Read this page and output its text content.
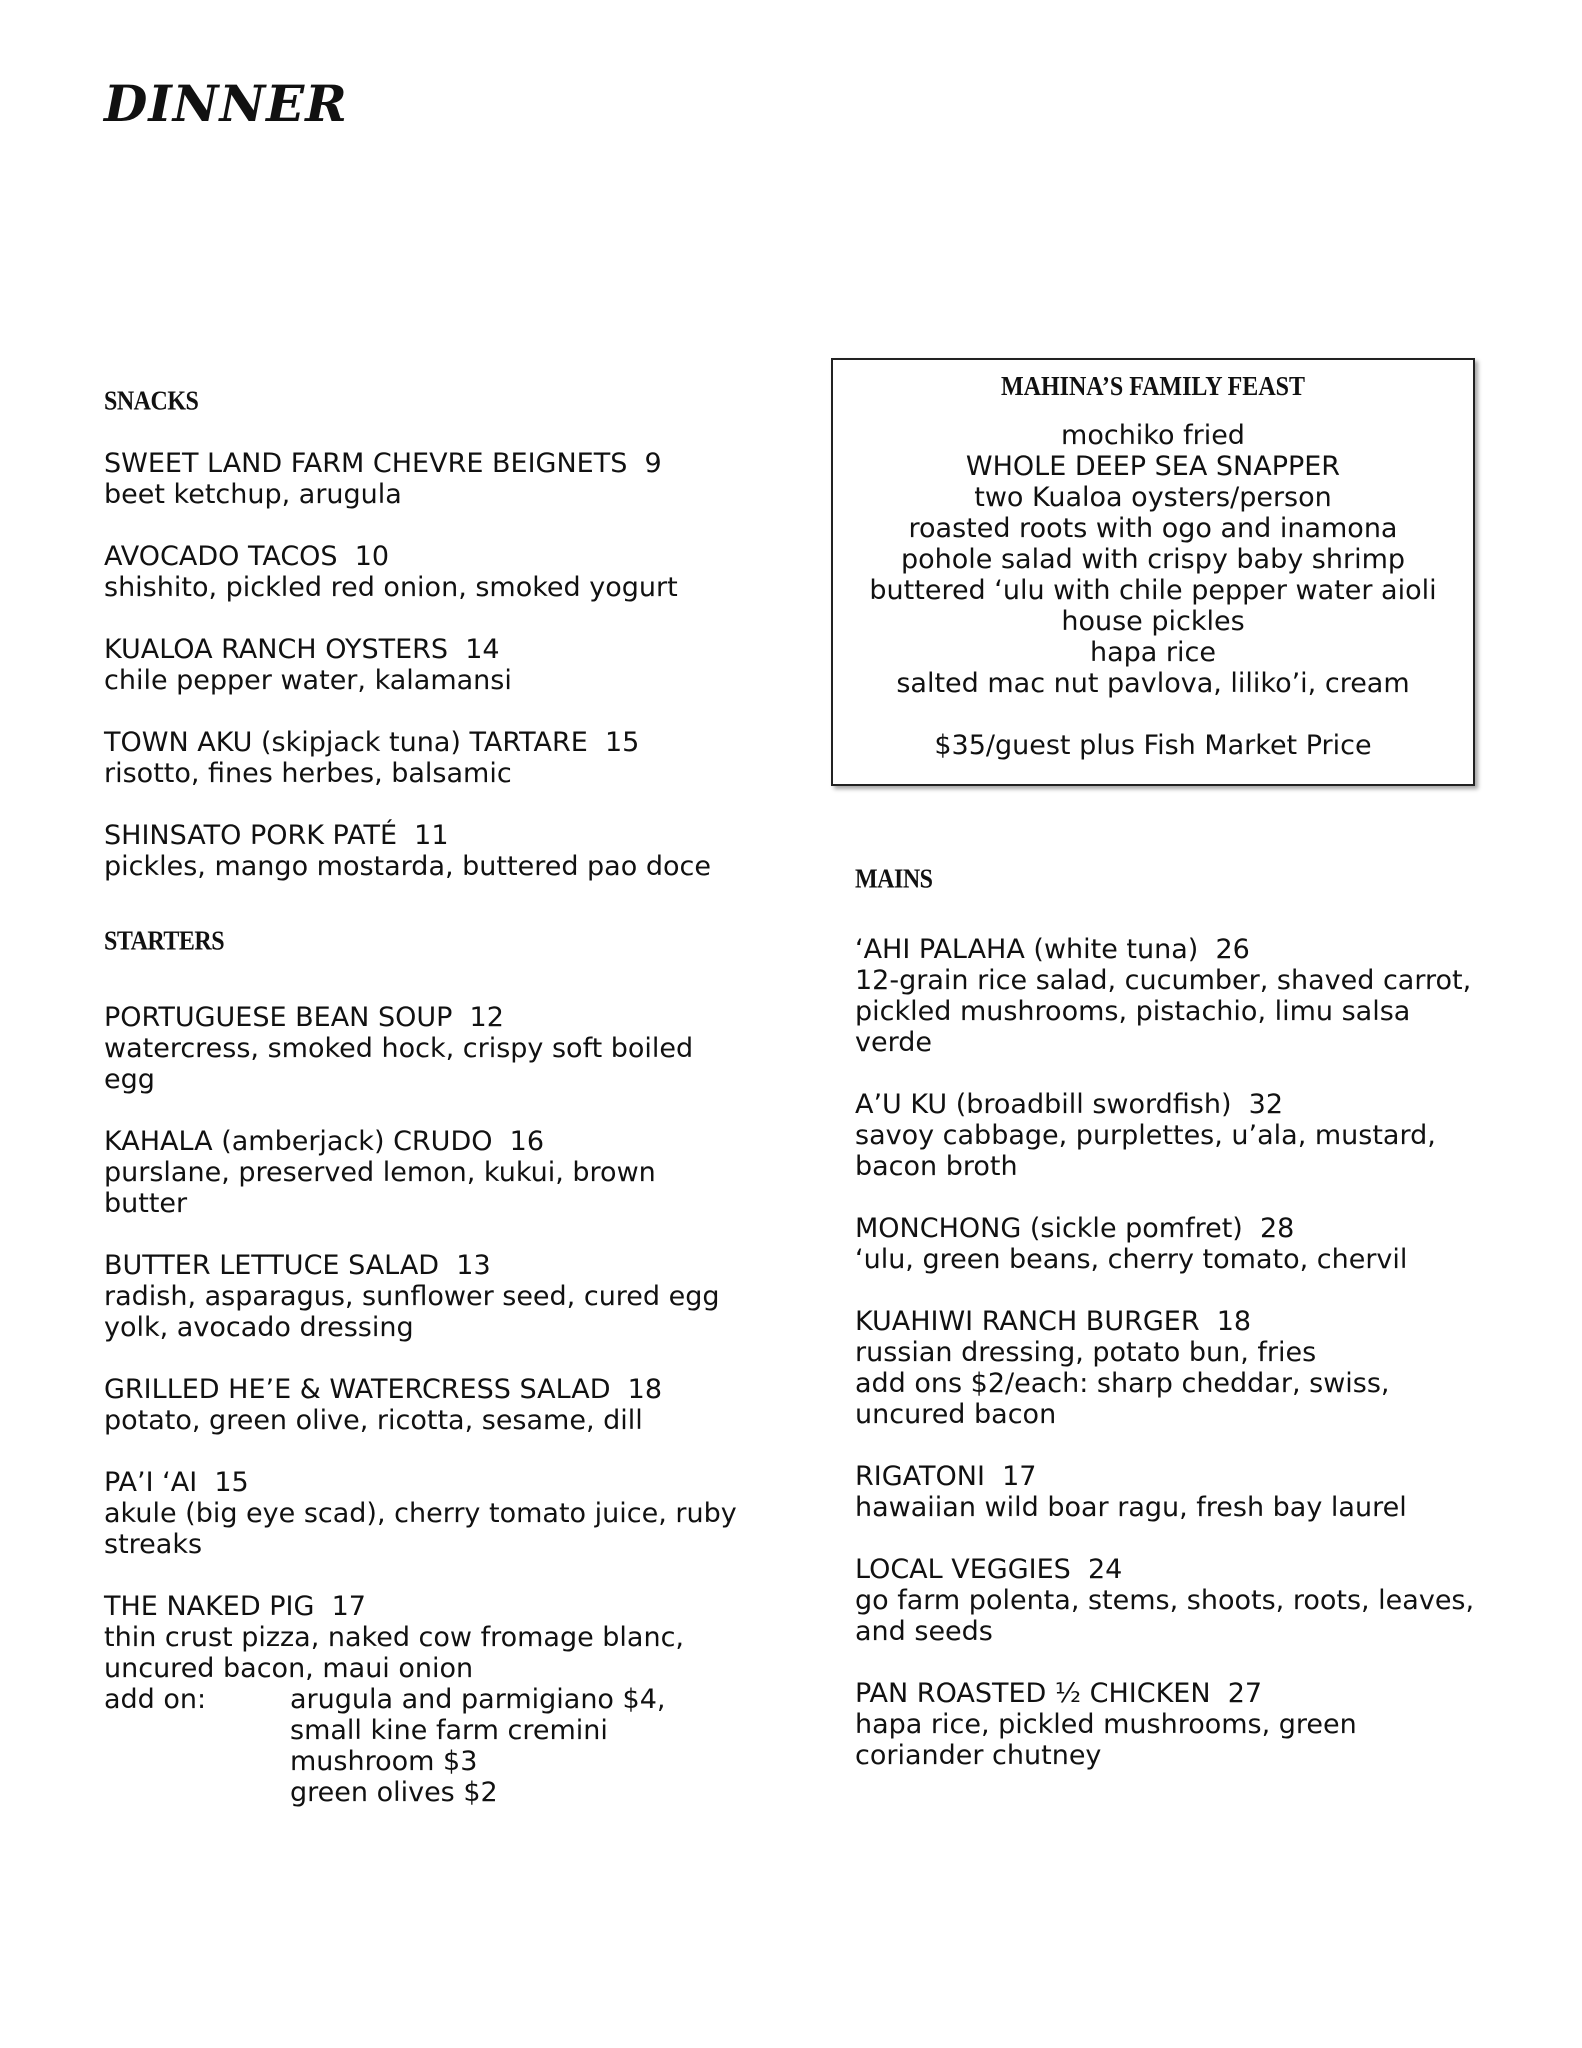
DINNER
SNACKS
SWEET LAND FARM CHEVRE BEIGNETS  9
beet ketchup, arugula
AVOCADO TACOS  10
shishito, pickled red onion, smoked yogurt
KUALOA RANCH OYSTERS  14
chile pepper water, kalamansi
TOWN AKU (skipjack tuna) TARTARE  15
risotto, fines herbes, balsamic
SHINSATO PORK PATÉ  11
pickles, mango mostarda, buttered pao doce
STARTERS
PORTUGUESE BEAN SOUP  12
watercress, smoked hock, crispy soft boiled
egg
KAHALA (amberjack) CRUDO  16
purslane, preserved lemon, kukui, brown
butter
BUTTER LETTUCE SALAD  13
radish, asparagus, sunflower seed, cured egg
yolk, avocado dressing
GRILLED HE’E & WATERCRESS SALAD  18
potato, green olive, ricotta, sesame, dill
PA’I ‘AI  15
akule (big eye scad), cherry tomato juice, ruby
streaks
THE NAKED PIG  17
thin crust pizza, naked cow fromage blanc,
uncured bacon, maui onion
add on:	arugula and parmigiano $4,
small kine farm cremini
mushroom $3
green olives $2
MAHINA’S FAMILY FEAST
mochiko fried
WHOLE DEEP SEA SNAPPER
two Kualoa oysters/person
roasted roots with ogo and inamona
pohole salad with crispy baby shrimp
buttered ‘ulu with chile pepper water aioli
house pickles
hapa rice
salted mac nut pavlova, liliko’i, cream
$35/guest plus Fish Market Price
MAINS
‘AHI PALAHA (white tuna)  26
12-grain rice salad, cucumber, shaved carrot,
pickled mushrooms, pistachio, limu salsa
verde
A’U KU (broadbill swordfish)  32
savoy cabbage, purplettes, u’ala, mustard,
bacon broth
MONCHONG (sickle pomfret)  28
‘ulu, green beans, cherry tomato, chervil
KUAHIWI RANCH BURGER  18
russian dressing, potato bun, fries
add ons $2/each: sharp cheddar, swiss,
uncured bacon
RIGATONI  17
hawaiian wild boar ragu, fresh bay laurel
LOCAL VEGGIES  24
go farm polenta, stems, shoots, roots, leaves,
and seeds
PAN ROASTED ½ CHICKEN  27
hapa rice, pickled mushrooms, green
coriander chutney
